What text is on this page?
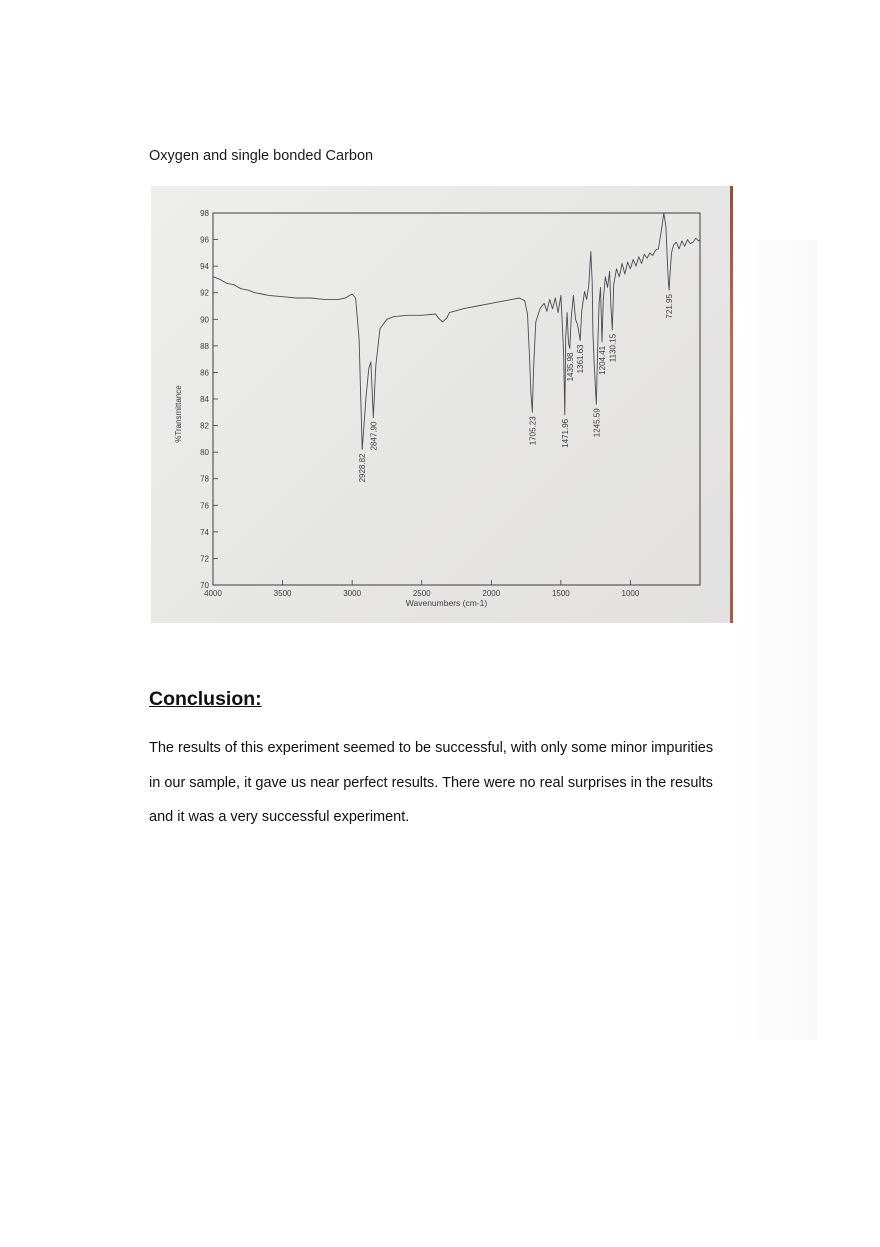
Oxygen and single bonded Carbon
98
96
94
92
90
88
86
84
82
80
78
76
74
72
70
4000	3500	3000	2500	2000	1500	1000
Wavenumbers (cm-1)
%Transmittance
2928.82
2847.90	1705.23	1471.96
1435.98 1361.63
1245.59
1204.41 1130.15
721.95
Conclusion:

The results of this experiment seemed to be successful, with only some minor impurities

in our sample, it gave us near perfect results. There were no real surprises in the results

and it was a very successful experiment.
